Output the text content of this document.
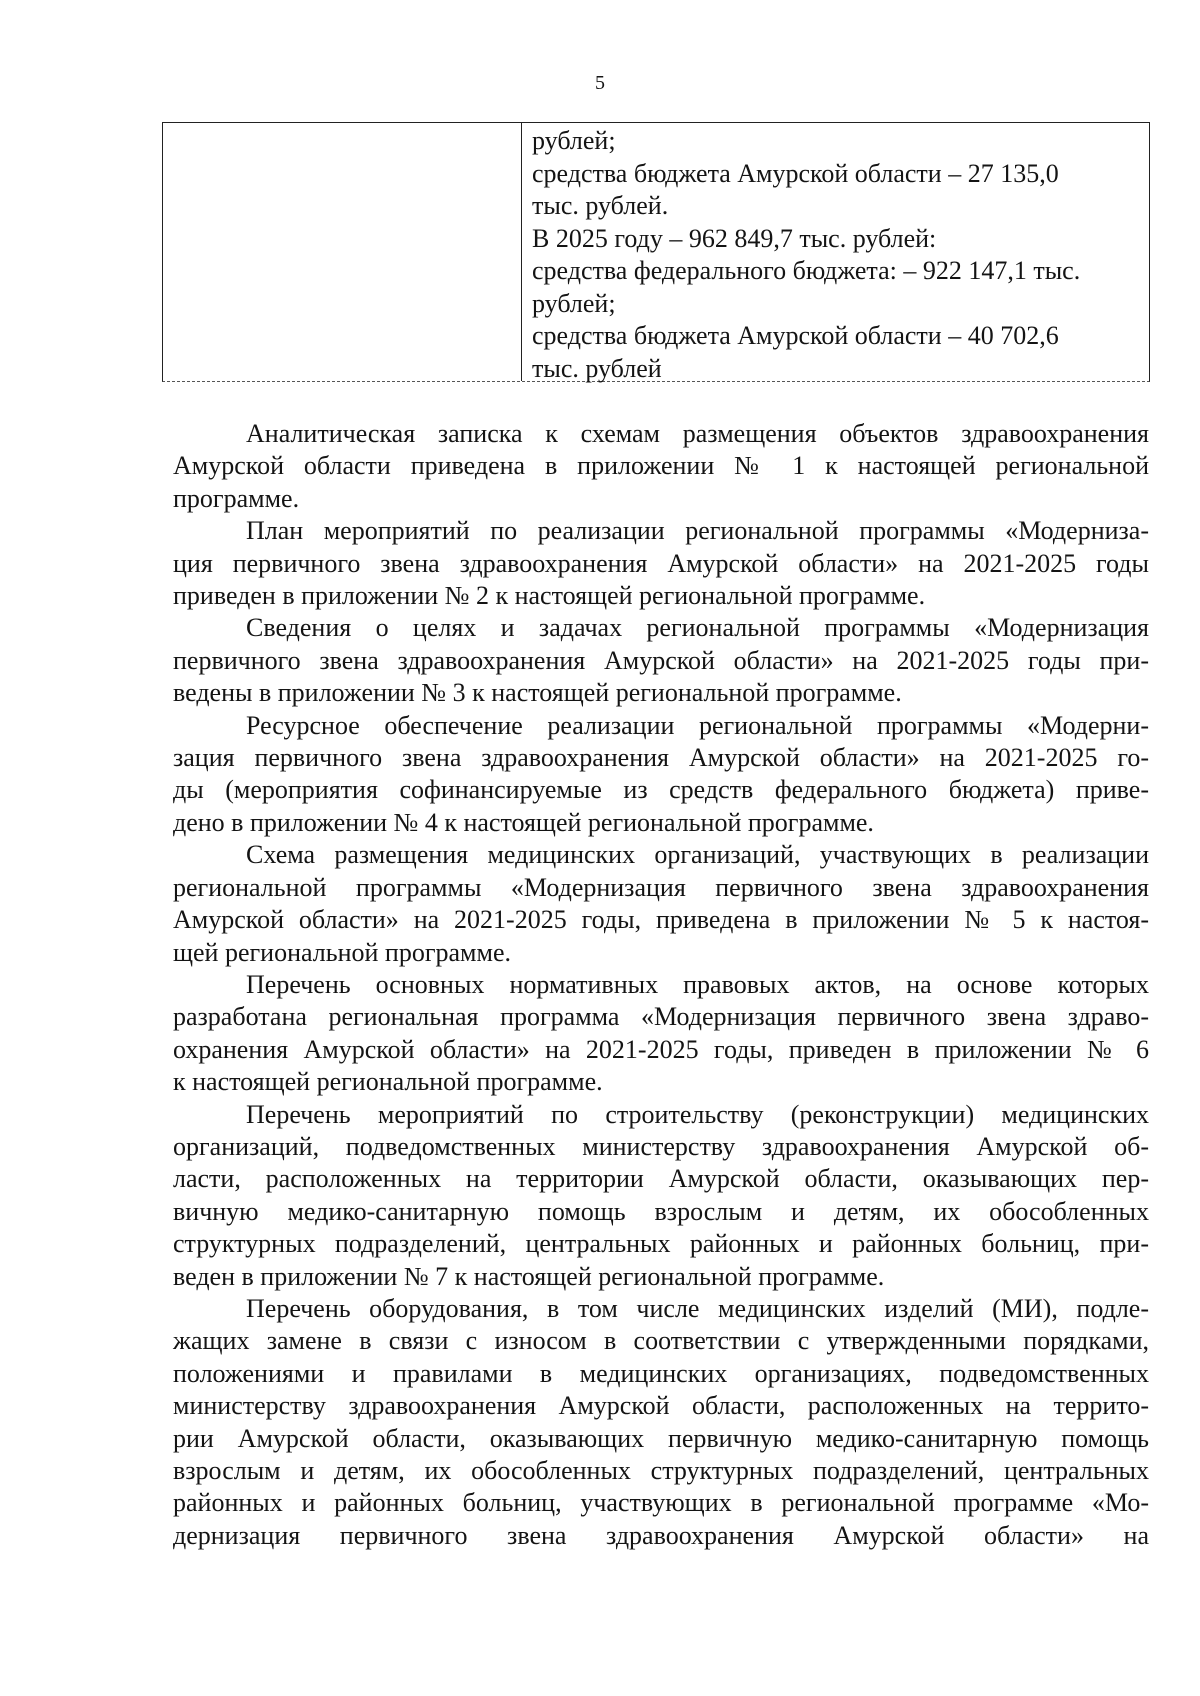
5
рублей;
средства бюджета Амурской области – 27 135,0
тыс. рублей.
В 2025 году – 962 849,7 тыс. рублей:
средства федерального бюджета: – 922 147,1 тыс.
рублей;
средства бюджета Амурской области – 40 702,6
тыс. рублей
Аналитическая записка к схемам размещения объектов здравоохранения
Амурской области приведена в приложении № 1 к настоящей региональной
программе.
План мероприятий по реализации региональной программы «Модерниза-
ция первичного звена здравоохранения Амурской области» на 2021-2025 годы
приведен в приложении № 2 к настоящей региональной программе.
Сведения о целях и задачах региональной программы «Модернизация
первичного звена здравоохранения Амурской области» на 2021-2025 годы при-
ведены в приложении № 3 к настоящей региональной программе.
Ресурсное обеспечение реализации региональной программы «Модерни-
зация первичного звена здравоохранения Амурской области» на 2021-2025 го-
ды (мероприятия софинансируемые из средств федерального бюджета) приве-
дено в приложении № 4 к настоящей региональной программе.
Схема размещения медицинских организаций, участвующих в реализации
региональной программы «Модернизация первичного звена здравоохранения
Амурской области» на 2021-2025 годы, приведена в приложении № 5 к настоя-
щей региональной программе.
Перечень основных нормативных правовых актов, на основе которых
разработана региональная программа «Модернизация первичного звена здраво-
охранения Амурской области» на 2021-2025 годы, приведен в приложении № 6
к настоящей региональной программе.
Перечень мероприятий по строительству (реконструкции) медицинских
организаций, подведомственных министерству здравоохранения Амурской об-
ласти, расположенных на территории Амурской области, оказывающих пер-
вичную медико-санитарную помощь взрослым и детям, их обособленных
структурных подразделений, центральных районных и районных больниц, при-
веден в приложении № 7 к настоящей региональной программе.
Перечень оборудования, в том числе медицинских изделий (МИ), подле-
жащих замене в связи с износом в соответствии с утвержденными порядками,
положениями и правилами в медицинских организациях, подведомственных
министерству здравоохранения Амурской области, расположенных на террито-
рии Амурской области, оказывающих первичную медико-санитарную помощь
взрослым и детям, их обособленных структурных подразделений, центральных
районных и районных больниц, участвующих в региональной программе «Мо-
дернизация первичного звена здравоохранения Амурской области» на
